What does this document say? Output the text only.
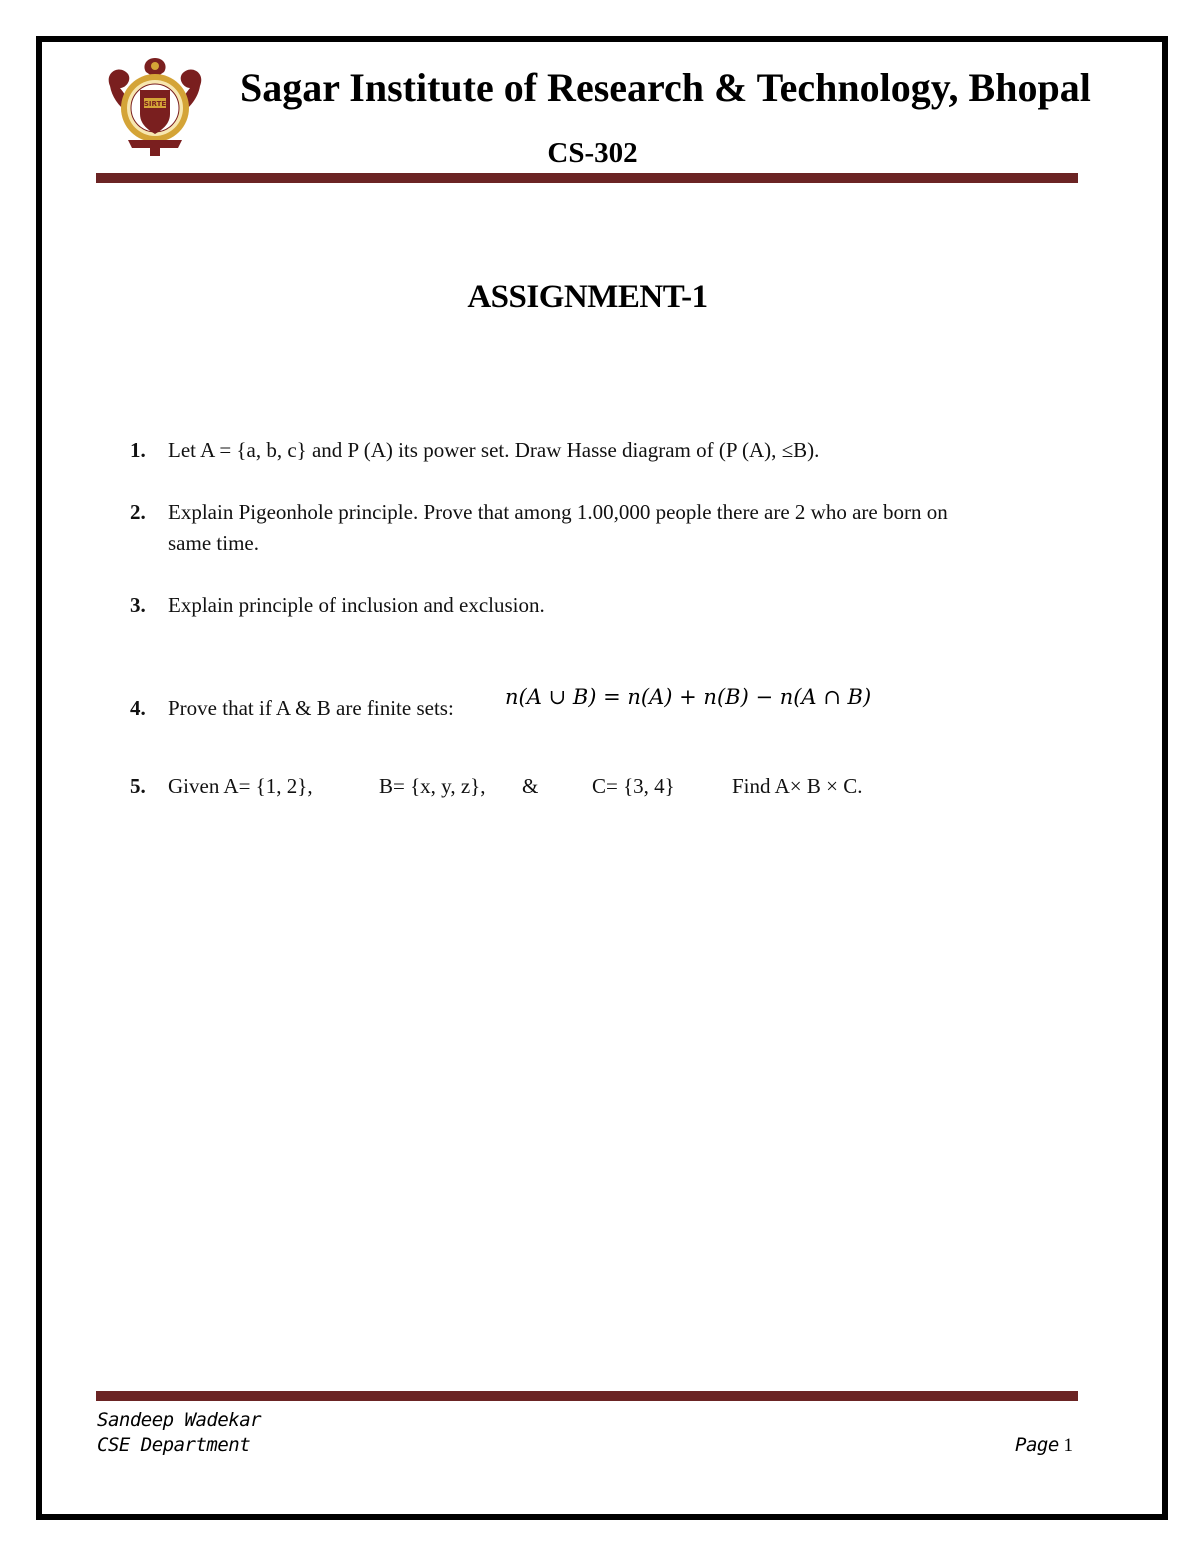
SIRTE Sagar Institute of Research & Technology, Bhopal
CS-302
ASSIGNMENT-1
1. Let A = {a, b, c} and P (A) its power set. Draw Hasse diagram of (P (A), ≤B).
2. Explain Pigeonhole principle. Prove that among 1.00,000 people there are 2 who are born on
same time.
3. Explain principle of inclusion and exclusion.
4. Prove that if A & B are finite sets: n(A ∪ B) = n(A) + n(B) − n(A ∩ B)
5. Given A= {1, 2},	B= {x, y, z}, &	C= {3, 4}	Find A× B × C.
Sandeep Wadekar
CSE Department	Page 1
